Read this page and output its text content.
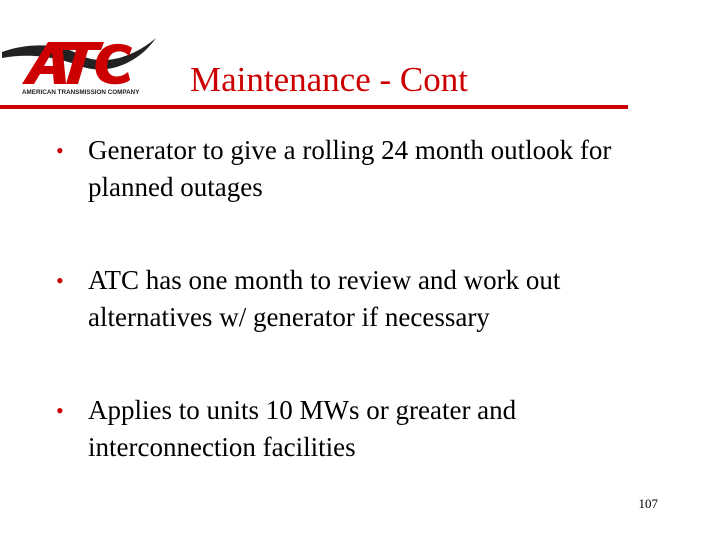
AMERICAN TRANSMISSION COMPANY Maintenance - Cont
• Generator to give a rolling 24 month outlook for planned outages
• ATC has one month to review and work out alternatives w/ generator if necessary
• Applies to units 10 MWs or greater and interconnection facilities
107
